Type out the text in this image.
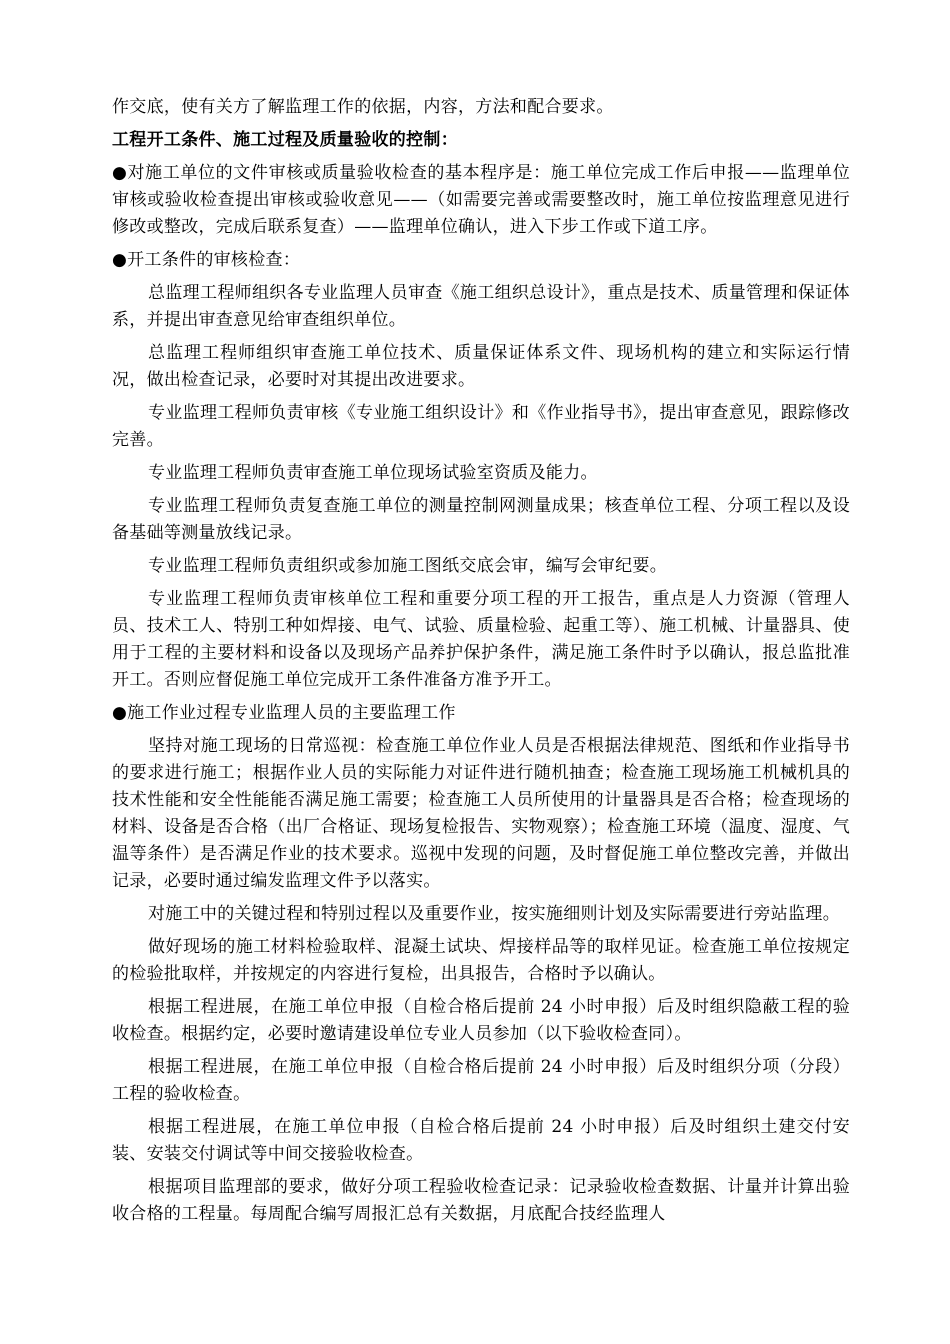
作交底，使有关方了解监理工作的依据，内容，方法和配合要求。

工程开工条件、施工过程及质量验收的控制：

●对施工单位的文件审核或质量验收检查的基本程序是：施工单位完成工作后申报——监理单位审核或验收检查提出审核或验收意见——（如需要完善或需要整改时，施工单位按监理意见进行修改或整改，完成后联系复查）——监理单位确认，进入下步工作或下道工序。

●开工条件的审核检查：

总监理工程师组织各专业监理人员审查《施工组织总设计》，重点是技术、质量管理和保证体系，并提出审查意见给审查组织单位。

总监理工程师组织审查施工单位技术、质量保证体系文件、现场机构的建立和实际运行情况，做出检查记录，必要时对其提出改进要求。

专业监理工程师负责审核《专业施工组织设计》和《作业指导书》，提出审查意见，跟踪修改完善。

专业监理工程师负责审查施工单位现场试验室资质及能力。

专业监理工程师负责复查施工单位的测量控制网测量成果；核查单位工程、分项工程以及设备基础等测量放线记录。

专业监理工程师负责组织或参加施工图纸交底会审，编写会审纪要。

专业监理工程师负责审核单位工程和重要分项工程的开工报告，重点是人力资源（管理人员、技术工人、特别工种如焊接、电气、试验、质量检验、起重工等）、施工机械、计量器具、使用于工程的主要材料和设备以及现场产品养护保护条件，满足施工条件时予以确认，报总监批准开工。否则应督促施工单位完成开工条件准备方准予开工。

●施工作业过程专业监理人员的主要监理工作

坚持对施工现场的日常巡视：检查施工单位作业人员是否根据法律规范、图纸和作业指导书的要求进行施工；根据作业人员的实际能力对证件进行随机抽查；检查施工现场施工机械机具的技术性能和安全性能能否满足施工需要；检查施工人员所使用的计量器具是否合格；检查现场的材料、设备是否合格（出厂合格证、现场复检报告、实物观察）；检查施工环境（温度、湿度、气温等条件）是否满足作业的技术要求。巡视中发现的问题，及时督促施工单位整改完善，并做出记录，必要时通过编发监理文件予以落实。

对施工中的关键过程和特别过程以及重要作业，按实施细则计划及实际需要进行旁站监理。

做好现场的施工材料检验取样、混凝土试块、焊接样品等的取样见证。检查施工单位按规定的检验批取样，并按规定的内容进行复检，出具报告，合格时予以确认。

根据工程进展，在施工单位申报（自检合格后提前 24 小时申报）后及时组织隐蔽工程的验收检查。根据约定，必要时邀请建设单位专业人员参加（以下验收检查同）。

根据工程进展，在施工单位申报（自检合格后提前 24 小时申报）后及时组织分项（分段）工程的验收检查。

根据工程进展，在施工单位申报（自检合格后提前 24 小时申报）后及时组织土建交付安装、安装交付调试等中间交接验收检查。

根据项目监理部的要求，做好分项工程验收检查记录：记录验收检查数据、计量并计算出验收合格的工程量。每周配合编写周报汇总有关数据，月底配合技经监理人
